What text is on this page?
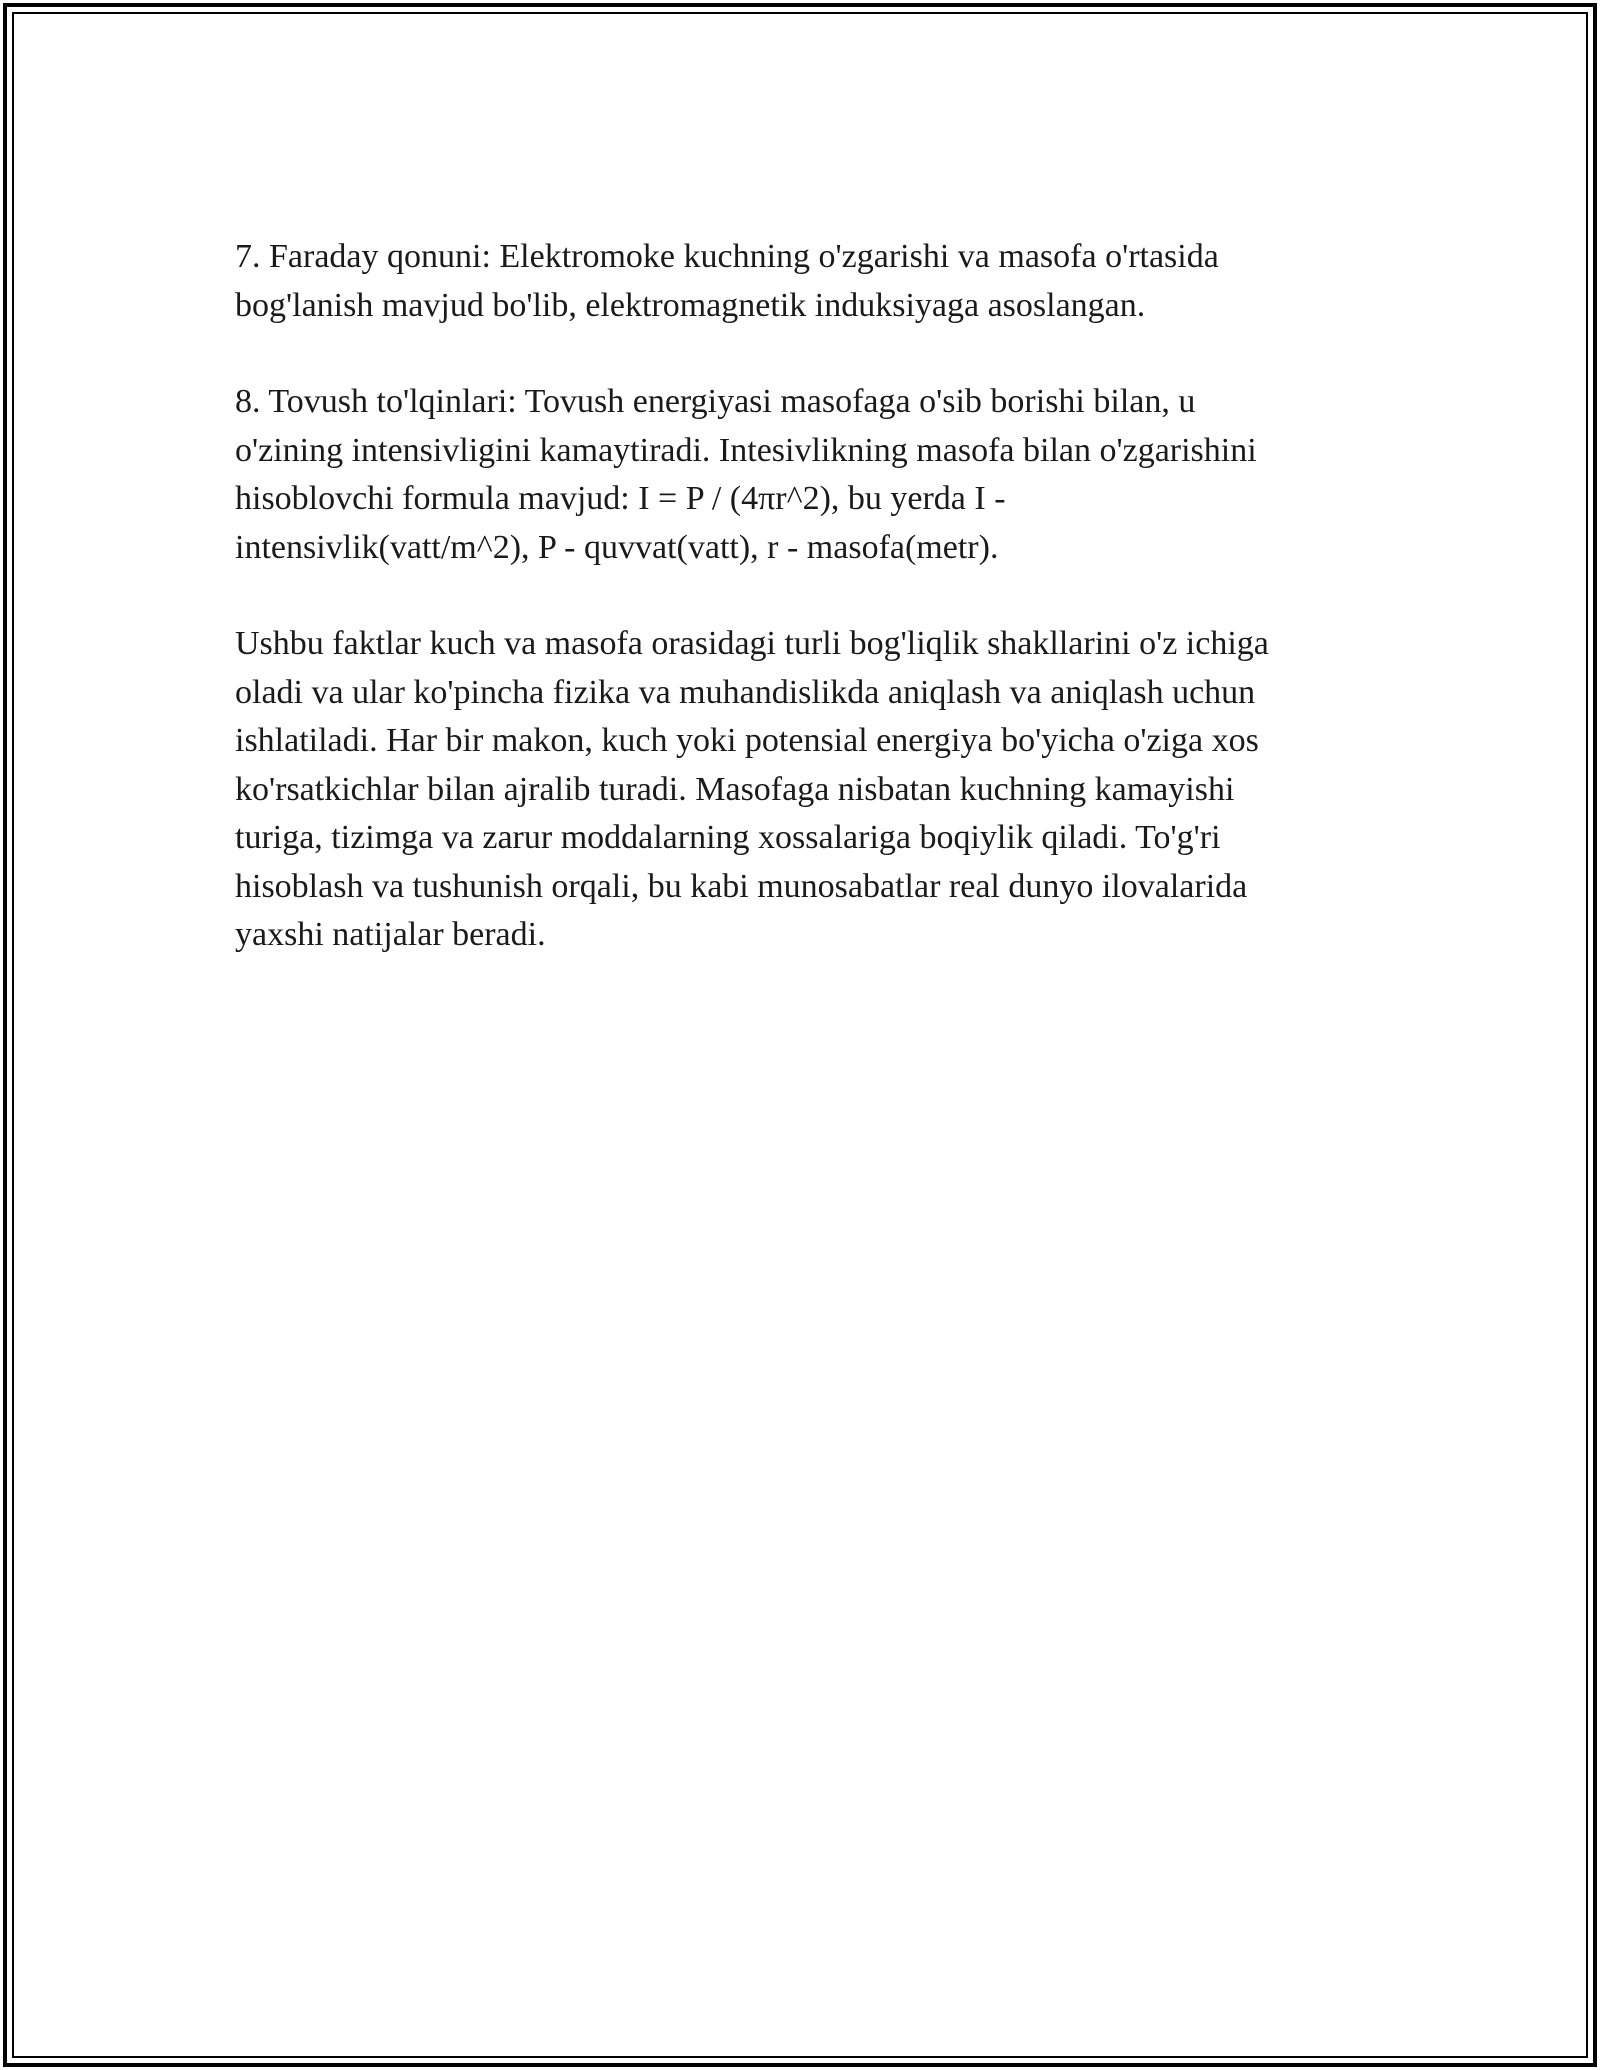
7. Faraday qonuni: Elektromoke kuchning o'zgarishi va masofa o'rtasida
bog'lanish mavjud bo'lib, elektromagnetik induksiyaga asoslangan.

8. Tovush to'lqinlari: Tovush energiyasi masofaga o'sib borishi bilan, u
o'zining intensivligini kamaytiradi. Intesivlikning masofa bilan o'zgarishini
hisoblovchi formula mavjud: I = P / (4πr^2), bu yerda I -
intensivlik(vatt/m^2), P - quvvat(vatt), r - masofa(metr).

Ushbu faktlar kuch va masofa orasidagi turli bog'liqlik shakllarini o'z ichiga
oladi va ular ko'pincha fizika va muhandislikda aniqlash va aniqlash uchun
ishlatiladi. Har bir makon, kuch yoki potensial energiya bo'yicha o'ziga xos
ko'rsatkichlar bilan ajralib turadi. Masofaga nisbatan kuchning kamayishi
turiga, tizimga va zarur moddalarning xossalariga boqiylik qiladi. To'g'ri
hisoblash va tushunish orqali, bu kabi munosabatlar real dunyo ilovalarida
yaxshi natijalar beradi.
